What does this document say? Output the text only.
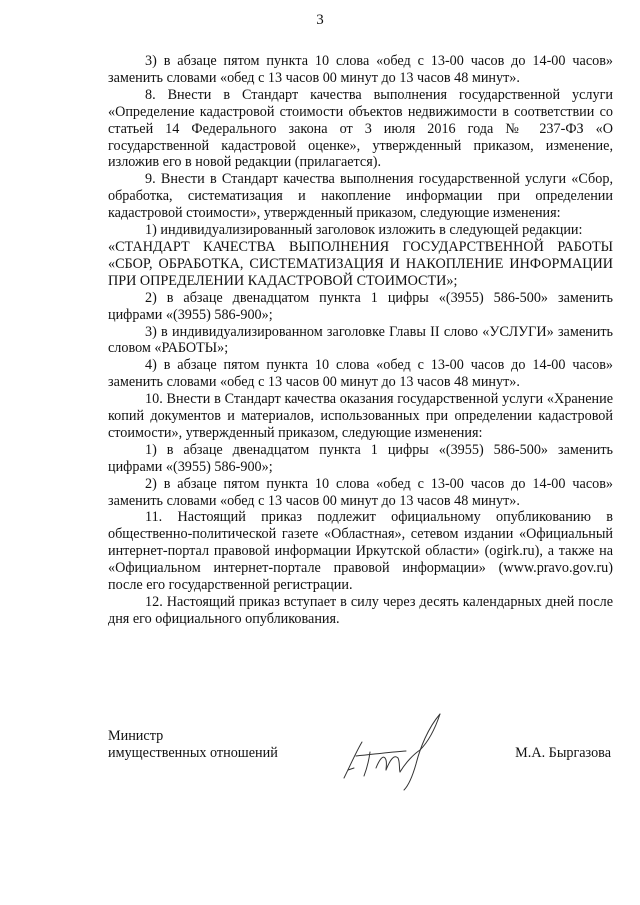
3

3) в абзаце пятом пункта 10 слова «обед с 13-00 часов до 14-00 часов» заменить словами «обед с 13 часов 00 минут до 13 часов 48 минут».

8. Внести в Стандарт качества выполнения государственной услуги «Определение кадастровой стоимости объектов недвижимости в соответствии со статьей 14 Федерального закона от 3 июля 2016 года № 237-ФЗ «О государственной кадастровой оценке», утвержденный приказом, изменение, изложив его в новой редакции (прилагается).

9. Внести в Стандарт качества выполнения государственной услуги «Сбор, обработка, систематизация и накопление информации при определении кадастровой стоимости», утвержденный приказом, следующие изменения:

1) индивидуализированный заголовок изложить в следующей редакции:

«СТАНДАРТ КАЧЕСТВА ВЫПОЛНЕНИЯ ГОСУДАРСТВЕННОЙ РАБОТЫ «СБОР, ОБРАБОТКА, СИСТЕМАТИЗАЦИЯ И НАКОПЛЕНИЕ ИНФОРМАЦИИ ПРИ ОПРЕДЕЛЕНИИ КАДАСТРОВОЙ СТОИМОСТИ»;

2) в абзаце двенадцатом пункта 1 цифры «(3955) 586-500» заменить цифрами «(3955) 586-900»;

3) в индивидуализированном заголовке Главы II слово «УСЛУГИ» заменить словом «РАБОТЫ»;

4) в абзаце пятом пункта 10 слова «обед с 13-00 часов до 14-00 часов» заменить словами «обед с 13 часов 00 минут до 13 часов 48 минут».

10. Внести в Стандарт качества оказания государственной услуги «Хранение копий документов и материалов, использованных при определении кадастровой стоимости», утвержденный приказом, следующие изменения:

1) в абзаце двенадцатом пункта 1 цифры «(3955) 586-500» заменить цифрами «(3955) 586-900»;

2) в абзаце пятом пункта 10 слова «обед с 13-00 часов до 14-00 часов» заменить словами «обед с 13 часов 00 минут до 13 часов 48 минут».

11. Настоящий приказ подлежит официальному опубликованию в общественно-политической газете «Областная», сетевом издании «Официальный интернет-портал правовой информации Иркутской области» (ogirk.ru), а также на «Официальном интернет-портале правовой информации» (www.pravo.gov.ru) после его государственной регистрации.

12. Настоящий приказ вступает в силу через десять календарных дней после дня его официального опубликования.

Министр
имущественных отношений	М.А. Быргазова
